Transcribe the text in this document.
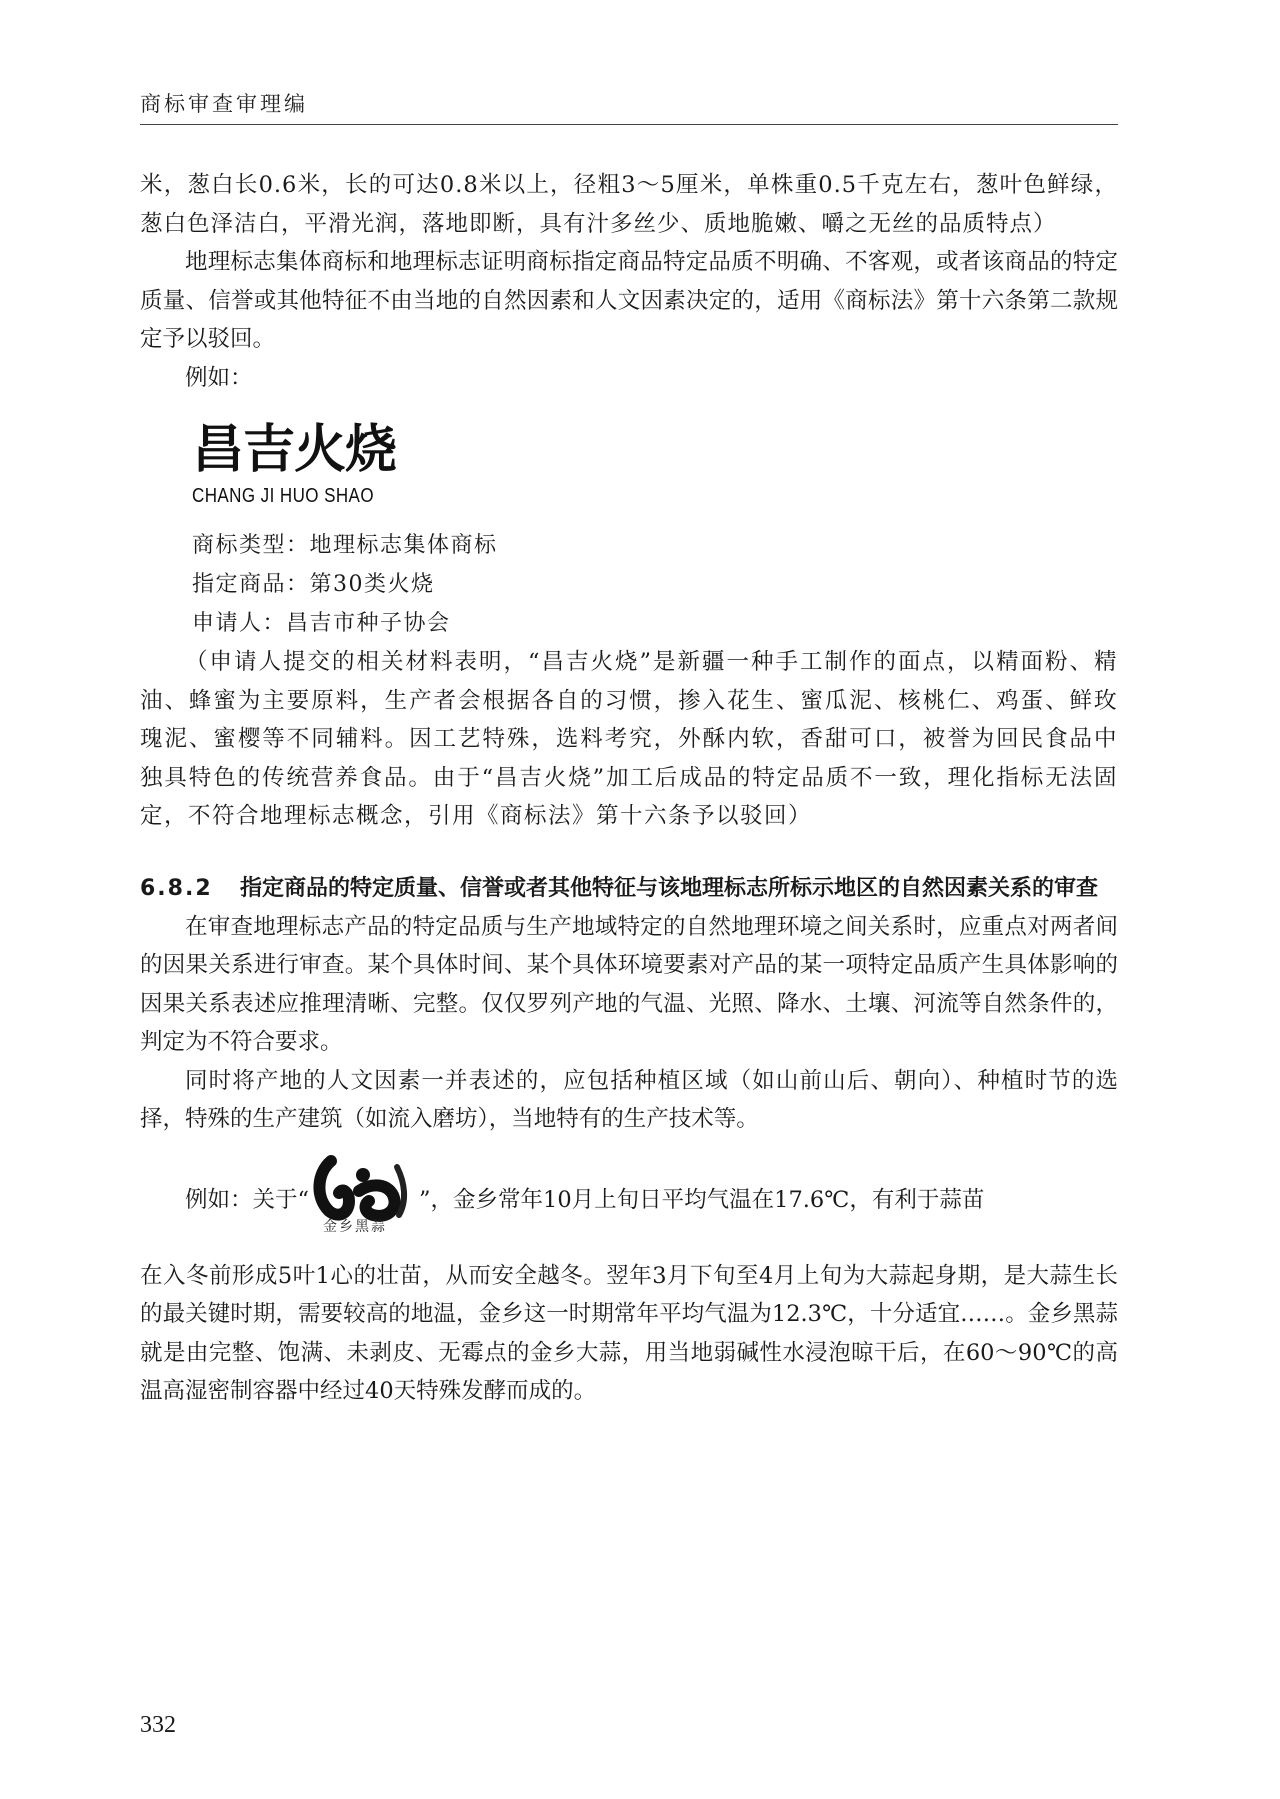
商标审查审理编

米，葱白长0.6米，长的可达0.8米以上，径粗3～5厘米，单株重0.5千克左右，葱叶色鲜绿，葱白色泽洁白，平滑光润，落地即断，具有汁多丝少、质地脆嫩、嚼之无丝的品质特点）

地理标志集体商标和地理标志证明商标指定商品特定品质不明确、不客观，或者该商品的特定质量、信誉或其他特征不由当地的自然因素和人文因素决定的，适用《商标法》第十六条第二款规定予以驳回。

例如：

昌吉火烧
CHANG JI HUO SHAO

商标类型：地理标志集体商标

指定商品：第30类火烧

申请人：昌吉市种子协会

（申请人提交的相关材料表明，“昌吉火烧”是新疆一种手工制作的面点，以精面粉、精油、蜂蜜为主要原料，生产者会根据各自的习惯，掺入花生、蜜瓜泥、核桃仁、鸡蛋、鲜玫瑰泥、蜜樱等不同辅料。因工艺特殊，选料考究，外酥内软，香甜可口，被誉为回民食品中独具特色的传统营养食品。由于“昌吉火烧”加工后成品的特定品质不一致，理化指标无法固定，不符合地理标志概念，引用《商标法》第十六条予以驳回）

6.8.2	指定商品的特定质量、信誉或者其他特征与该地理标志所标示地区的自然因素关系的审查

在审查地理标志产品的特定品质与生产地域特定的自然地理环境之间关系时，应重点对两者间的因果关系进行审查。某个具体时间、某个具体环境要素对产品的某一项特定品质产生具体影响的因果关系表述应推理清晰、完整。仅仅罗列产地的气温、光照、降水、土壤、河流等自然条件的，判定为不符合要求。

同时将产地的人文因素一并表述的，应包括种植区域（如山前山后、朝向）、种植时节的选择，特殊的生产建筑（如流入磨坊），当地特有的生产技术等。

例如：关于“
金乡黑蒜
”，金乡常年10月上旬日平均气温在17.6℃，有利于蒜苗

在入冬前形成5叶1心的壮苗，从而安全越冬。翌年3月下旬至4月上旬为大蒜起身期，是大蒜生长的最关键时期，需要较高的地温，金乡这一时期常年平均气温为12.3℃，十分适宜……。金乡黑蒜就是由完整、饱满、未剥皮、无霉点的金乡大蒜，用当地弱碱性水浸泡晾干后，在60～90℃的高温高湿密制容器中经过40天特殊发酵而成的。

332
